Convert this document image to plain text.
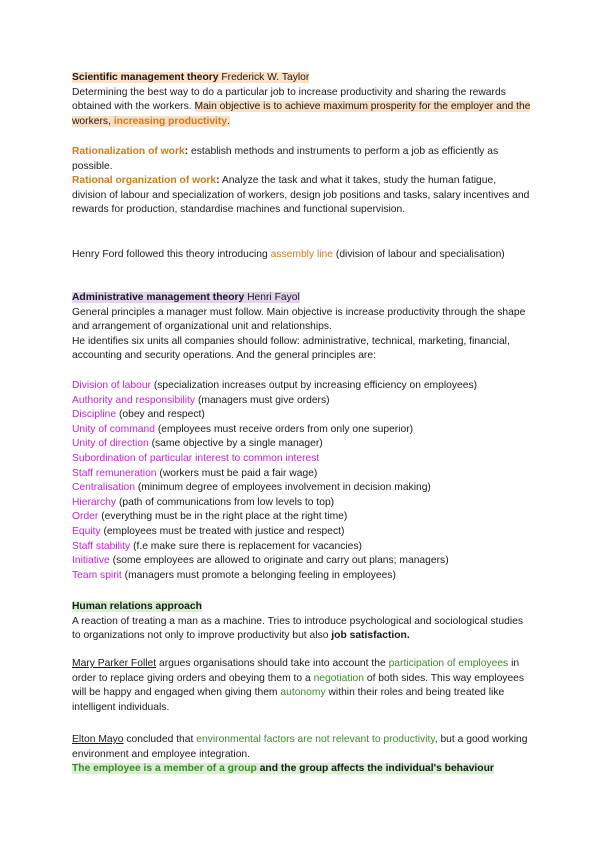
Scientific management theory Frederick W. Taylor
Determining the best way to do a particular job to increase productivity and sharing the rewards obtained with the workers. Main objective is to achieve maximum prosperity for the employer and the workers, increasing productivity.

Rationalization of work: establish methods and instruments to perform a job as efficiently as possible.
Rational organization of work: Analyze the task and what it takes, study the human fatigue, division of labour and specialization of workers, design job positions and tasks, salary incentives and rewards for production, standardise machines and functional supervision.

Henry Ford followed this theory introducing assembly line (division of labour and specialisation)

Administrative management theory Henri Fayol
General principles a manager must follow. Main objective is increase productivity through the shape and arrangement of organizational unit and relationships.
He identifies six units all companies should follow: administrative, technical, marketing, financial, accounting and security operations. And the general principles are:

Division of labour (specialization increases output by increasing efficiency on employees)
Authority and responsibility (managers must give orders)
Discipline (obey and respect)
Unity of command (employees must receive orders from only one superior)
Unity of direction (same objective by a single manager)
Subordination of particular interest to common interest
Staff remuneration (workers must be paid a fair wage)
Centralisation (minimum degree of employees involvement in decision making)
Hierarchy (path of communications from low levels to top)
Order (everything must be in the right place at the right time)
Equity (employees must be treated with justice and respect)
Staff stability (f.e make sure there is replacement for vacancies)
Initiative (some employees are allowed to originate and carry out plans; managers)
Team spirit (managers must promote a belonging feeling in employees)

Human relations approach
A reaction of treating a man as a machine. Tries to introduce psychological and sociological studies to organizations not only to improve productivity but also job satisfaction.

Mary Parker Follet argues organisations should take into account the participation of employees in order to replace giving orders and obeying them to a negotiation of both sides. This way employees will be happy and engaged when giving them autonomy within their roles and being treated like intelligent individuals.

Elton Mayo concluded that environmental factors are not relevant to productivity, but a good working environment and employee integration.
The employee is a member of a group and the group affects the individual's behaviour
